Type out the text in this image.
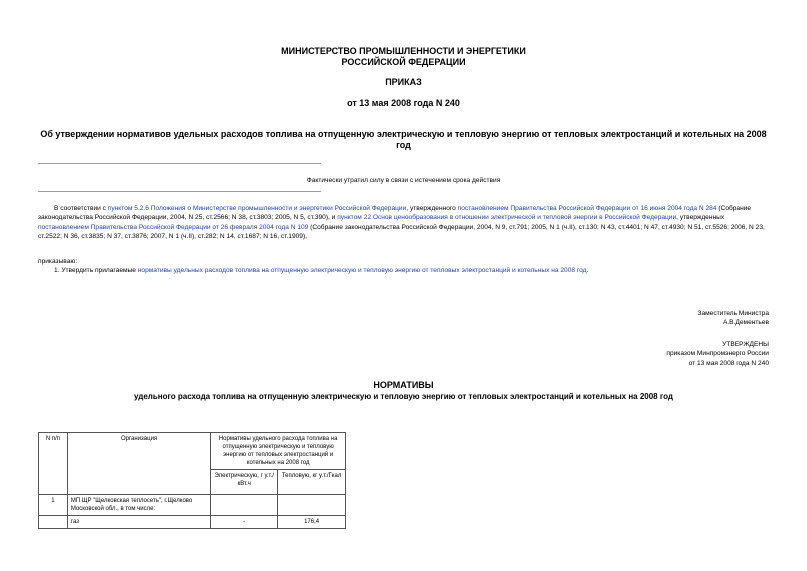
МИНИСТЕРСТВО ПРОМЫШЛЕННОСТИ И ЭНЕРГЕТИКИ
РОССИЙСКОЙ ФЕДЕРАЦИИ
ПРИКАЗ
от 13 мая 2008 года N 240
Об утверждении нормативов удельных расходов топлива на отпущенную электрическую и тепловую энергию от тепловых электростанций и котельных на 2008
год
Фактически утратил силу в связи с истечением срока действия
В соответствии с пунктом 5.2.6 Положения о Министерстве промышленности и энергетики Российской Федерации, утвержденного постановлением Правительства Российской Федерации от 16 июня 2004 года N 284 (Собрание законодательства Российской Федерации, 2004, N 25, ст.2566; N 38, ст.3803; 2005, N 5, ст.390), и пунктом 22 Основ ценообразования в отношении электрической и тепловой энергии в Российской Федерации, утвержденных постановлением Правительства Российской Федерации от 26 февраля 2004 года N 109 (Собрание законодательства Российской Федерации, 2004, N 9, ст.791; 2005, N 1 (ч.II), ст.130; N 43, ст.4401; N 47, ст.4930; N 51, ст.5526; 2006, N 23, ст.2522; N 36, ст.3835; N 37, ст.3876; 2007, N 1 (ч.II), ст.282; N 14, ст.1687; N 16, ст.1909),
приказываю:
1. Утвердить прилагаемые нормативы удельных расходов топлива на отпущенную электрическую и тепловую энергию от тепловых электростанций и котельных на 2008 год.
Заместитель Министра
А.В.Дементьев
УТВЕРЖДЕНЫ
приказом Минпромэнерго России
от 13 мая 2008 года N 240
НОРМАТИВЫ
удельного расхода топлива на отпущенную электрическую и тепловую энергию от тепловых электростанций и котельных на 2008 год
N п/п	Организация	Нормативы удельного расхода топлива на отпущенную электрическую и тепловую энергию от тепловых электростанций и котельных на 2008 год	
		Электрическую, г у.т./кВт.ч	Тепловую, кг у.т./Гкал
1	МП ЩР "Щелковская теплосеть", г.Щелково Московской обл., в том числе:		
	газ	-	176,4
